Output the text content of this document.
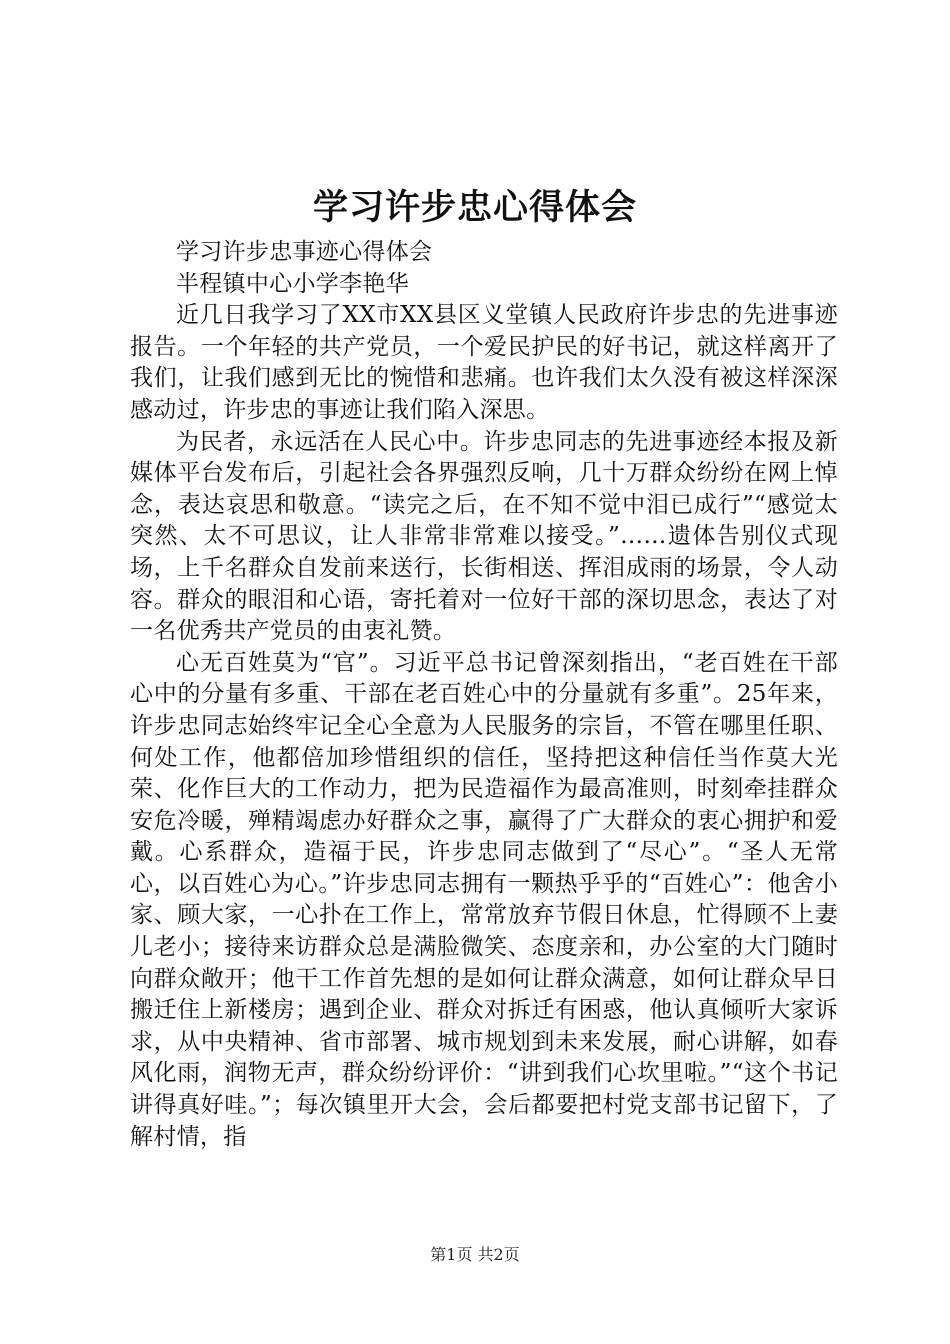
学习许步忠心得体会

学习许步忠事迹心得体会

半程镇中心小学李艳华

近几日我学习了XX市XX县区义堂镇人民政府许步忠的先进事迹报告。一个年轻的共产党员，一个爱民护民的好书记，就这样离开了我们，让我们感到无比的惋惜和悲痛。也许我们太久没有被这样深深感动过，许步忠的事迹让我们陷入深思。

为民者，永远活在人民心中。许步忠同志的先进事迹经本报及新媒体平台发布后，引起社会各界强烈反响，几十万群众纷纷在网上悼念，表达哀思和敬意。“读完之后，在不知不觉中泪已成行”“感觉太突然、太不可思议，让人非常非常难以接受。”……遗体告别仪式现场，上千名群众自发前来送行，长街相送、挥泪成雨的场景，令人动容。群众的眼泪和心语，寄托着对一位好干部的深切思念，表达了对一名优秀共产党员的由衷礼赞。

心无百姓莫为“官”。习近平总书记曾深刻指出，“老百姓在干部心中的分量有多重、干部在老百姓心中的分量就有多重”。25年来，许步忠同志始终牢记全心全意为人民服务的宗旨，不管在哪里任职、何处工作，他都倍加珍惜组织的信任，坚持把这种信任当作莫大光荣、化作巨大的工作动力，把为民造福作为最高准则，时刻牵挂群众安危冷暖，殚精竭虑办好群众之事，赢得了广大群众的衷心拥护和爱戴。心系群众，造福于民，许步忠同志做到了“尽心”。“圣人无常心，以百姓心为心。”许步忠同志拥有一颗热乎乎的“百姓心”：他舍小家、顾大家，一心扑在工作上，常常放弃节假日休息，忙得顾不上妻儿老小；接待来访群众总是满脸微笑、态度亲和，办公室的大门随时向群众敞开；他干工作首先想的是如何让群众满意，如何让群众早日搬迁住上新楼房；遇到企业、群众对拆迁有困惑，他认真倾听大家诉求，从中央精神、省市部署、城市规划到未来发展，耐心讲解，如春风化雨，润物无声，群众纷纷评价：“讲到我们心坎里啦。”“这个书记讲得真好哇。”；每次镇里开大会，会后都要把村党支部书记留下，了解村情，指

第1页 共2页
